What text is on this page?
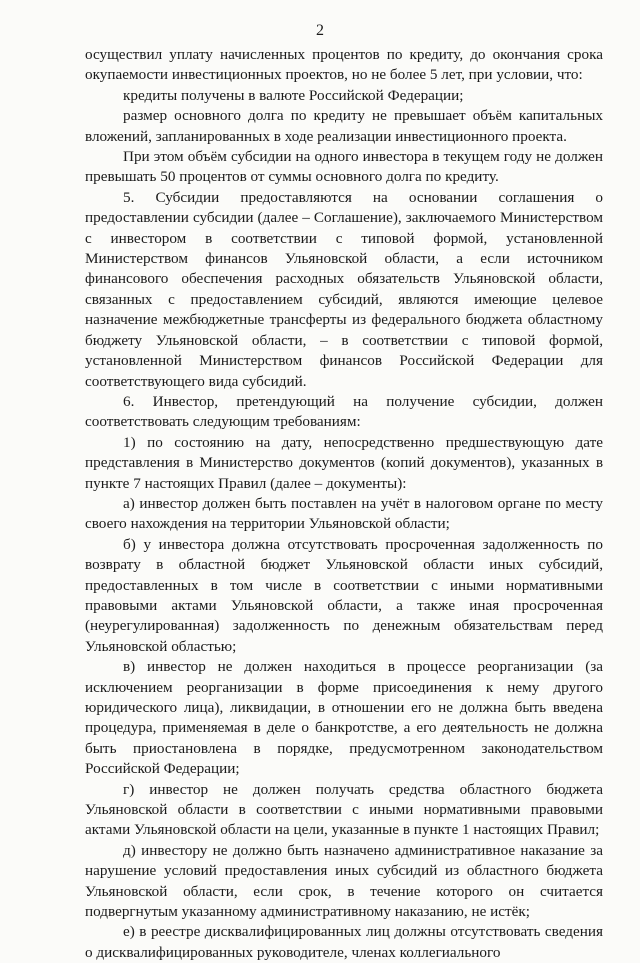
2

осуществил уплату начисленных процентов по кредиту, до окончания срока окупаемости инвестиционных проектов, но не более 5 лет, при условии, что:

кредиты получены в валюте Российской Федерации;

размер основного долга по кредиту не превышает объём капитальных вложений, запланированных в ходе реализации инвестиционного проекта.

При этом объём субсидии на одного инвестора в текущем году не должен превышать 50 процентов от суммы основного долга по кредиту.

5. Субсидии предоставляются на основании соглашения о предоставлении субсидии (далее – Соглашение), заключаемого Министерством с инвестором в соответствии с типовой формой, установленной Министерством финансов Ульяновской области, а если источником финансового обеспечения расходных обязательств Ульяновской области, связанных с предоставлением субсидий, являются имеющие целевое назначение межбюджетные трансферты из федерального бюджета областному бюджету Ульяновской области, – в соответствии с типовой формой, установленной Министерством финансов Российской Федерации для соответствующего вида субсидий.

6. Инвестор, претендующий на получение субсидии, должен соответствовать следующим требованиям:

1) по состоянию на дату, непосредственно предшествующую дате представления в Министерство документов (копий документов), указанных в пункте 7 настоящих Правил (далее – документы):

а) инвестор должен быть поставлен на учёт в налоговом органе по месту своего нахождения на территории Ульяновской области;

б) у инвестора должна отсутствовать просроченная задолженность по возврату в областной бюджет Ульяновской области иных субсидий, предоставленных в том числе в соответствии с иными нормативными правовыми актами Ульяновской области, а также иная просроченная (неурегулированная) задолженность по денежным обязательствам перед Ульяновской областью;

в) инвестор не должен находиться в процессе реорганизации (за исключением реорганизации в форме присоединения к нему другого юридического лица), ликвидации, в отношении его не должна быть введена процедура, применяемая в деле о банкротстве, а его деятельность не должна быть приостановлена в порядке, предусмотренном законодательством Российской Федерации;

г) инвестор не должен получать средства областного бюджета Ульяновской области в соответствии с иными нормативными правовыми актами Ульяновской области на цели, указанные в пункте 1 настоящих Правил;

д) инвестору не должно быть назначено административное наказание за нарушение условий предоставления иных субсидий из областного бюджета Ульяновской области, если срок, в течение которого он считается подвергнутым указанному административному наказанию, не истёк;

е) в реестре дисквалифицированных лиц должны отсутствовать сведения о дисквалифицированных руководителе, членах коллегиального
